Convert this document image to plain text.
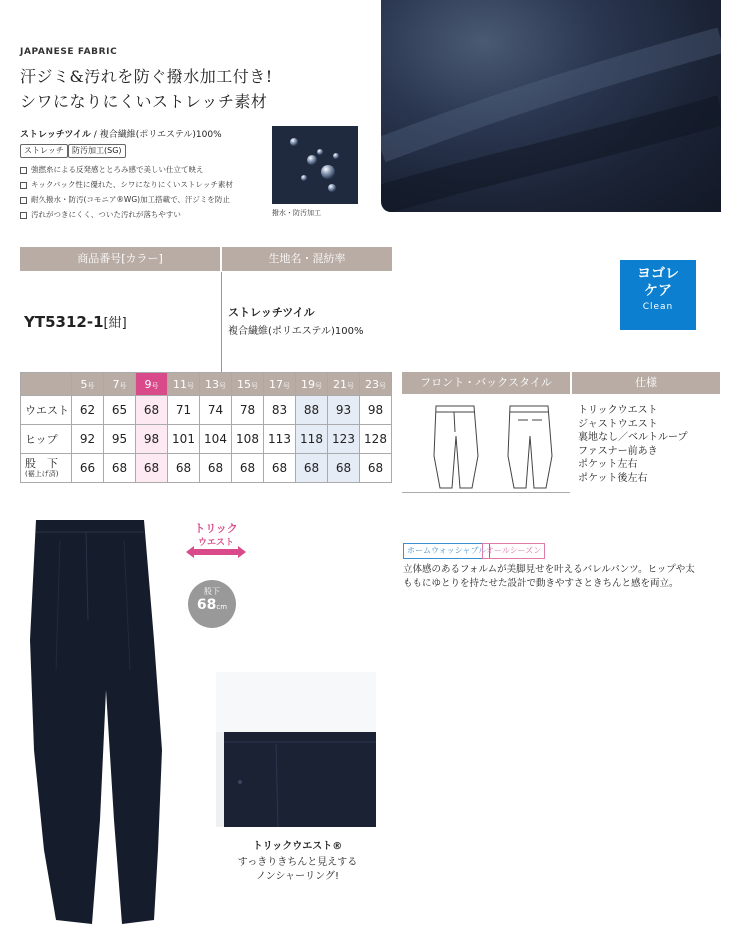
JAPANESE FABRIC
汗ジミ&汚れを防ぐ撥水加工付き!
シワになりにくいストレッチ素材
ストレッチツイル / 複合繊維(ポリエステル)100%
ストレッチ	防汚加工(SG)
強撚糸による反発感ととろみ感で美しい仕立て映え
キックバック性に優れた、シワになりにくいストレッチ素材
耐久撥水・防汚(コモニア®WG)加工搭載で、汗ジミを防止
汚れがつきにくく、ついた汚れが落ちやすい	撥水・防汚加工
商品番号[カラー]	生地名・混紡率
YT5312-1[紺]
ストレッチツイル
複合繊維(ポリエステル)100%
ヨゴレ
ケア
Clean
	5号	7号	9号	11号	13号	15号	17号	19号	21号	23号
ウエスト	62	65	68	71	74	78	83	88	93	98
ヒップ	92	95	98	101	104	108	113	118	123	128
股　下
(裾上げ済)	66	68	68	68	68	68	68	68	68	68
フロント・バックスタイル	仕様
トリックウエスト
ジャストウエスト
裏地なし／ベルトループ
ファスナー前あき
ポケット左右
ポケット後左右
トリック
ウエスト
股下
68cm
ホームウォッシャブル オールシーズン
立体感のあるフォルムが美脚見せを叶えるバレルパンツ。ヒップや太ももにゆとりを持たせた設計で動きやすさときちんと感を両立。
トリックウエスト®
すっきりきちんと見えする
ノンシャーリング!
